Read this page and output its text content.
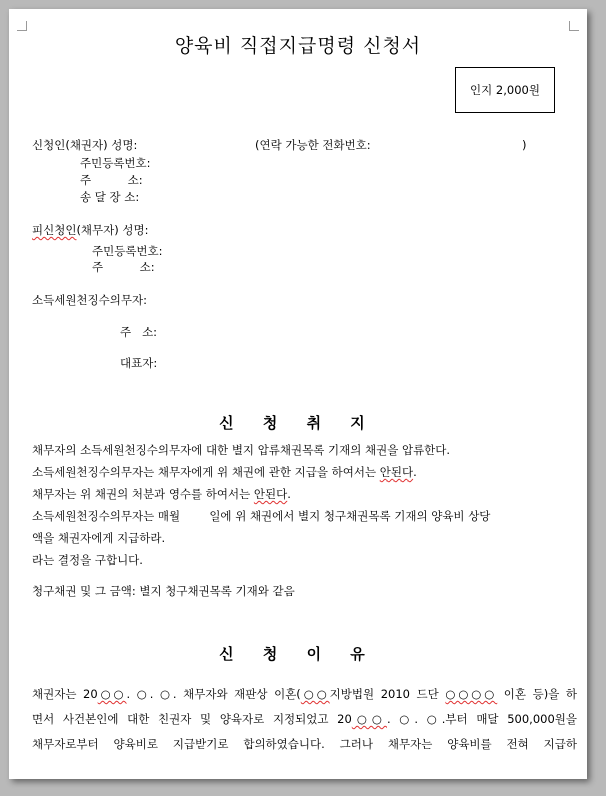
양육비 직접지급명령 신청서
인지 2,000원
신청인(채권자) 성명:	(연락 가능한 전화번호:	)
주민등록번호:
주          소:
송 달 장 소:
피신청인(채무자) 성명:
주민등록번호:
주          소:
소득세원천징수의무자:
주   소:
대표자:
신 청 취 지
채무자의 소득세원천징수의무자에 대한 별지 압류채권목록 기재의 채권을 압류한다.
소득세원천징수의무자는 채무자에게 위 채권에 관한 지급을 하여서는 안된다.
채무자는 위 채권의 처분과 영수를 하여서는 안된다.
소득세원천징수의무자는 매월        일에 위 채권에서 별지 청구채권목록 기재의 양육비 상당
액을 채권자에게 지급하라.
라는 결정을 구합니다.
청구채권 및 그 금액: 별지 청구채권목록 기재와 같음
신 청 이 유
채권자는 20○○. ○. ○. 채무자와 재판상 이혼(○○지방법원 2010 드단 ○○○○ 이혼 등)을 하
면서 사건본인에 대한 친권자 및 양육자로 지정되었고 20○○. ○. ○.부터 매달 500,000원을
채무자로부터 양육비로 지급받기로 합의하였습니다. 그러나 채무자는 양육비를 전혀 지급하
